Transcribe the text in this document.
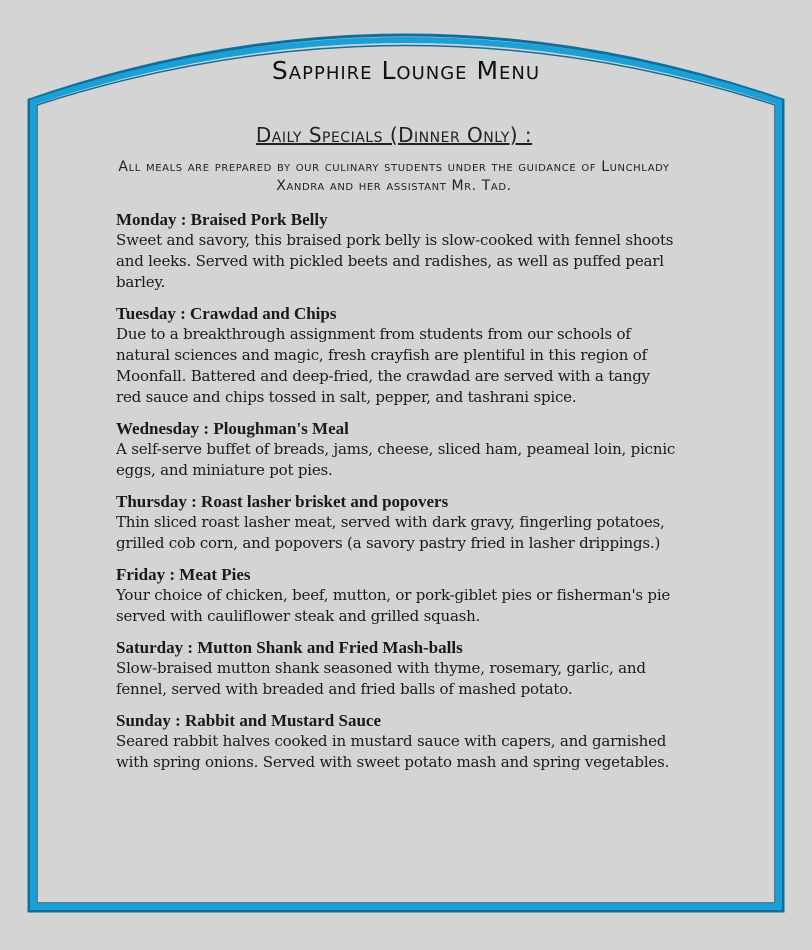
Sapphire Lounge Menu
Daily Specials (Dinner Only) :
All meals are prepared by our culinary students under the guidance of Lunchlady Xandra and her assistant Mr. Tad.
Monday : Braised Pork Belly
Sweet and savory, this braised pork belly is slow-cooked with fennel shoots and leeks. Served with pickled beets and radishes, as well as puffed pearl barley.
Tuesday : Crawdad and Chips
Due to a breakthrough assignment from students from our schools of natural sciences and magic, fresh crayfish are plentiful in this region of Moonfall. Battered and deep-fried, the crawdad are served with a tangy red sauce and chips tossed in salt, pepper, and tashrani spice.
Wednesday : Ploughman's Meal
A self-serve buffet of breads, jams, cheese, sliced ham, peameal loin, picnic eggs, and miniature pot pies.
Thursday : Roast lasher brisket and popovers
Thin sliced roast lasher meat, served with dark gravy, fingerling potatoes, grilled cob corn, and popovers (a savory pastry fried in lasher drippings.)
Friday : Meat Pies
Your choice of chicken, beef, mutton, or pork-giblet pies or fisherman's pie served with cauliflower steak and grilled squash.
Saturday : Mutton Shank and Fried Mash-balls
Slow-braised mutton shank seasoned with thyme, rosemary, garlic, and fennel, served with breaded and fried balls of mashed potato.
Sunday : Rabbit and Mustard Sauce
Seared rabbit halves cooked in mustard sauce with capers, and garnished with spring onions. Served with sweet potato mash and spring vegetables.
